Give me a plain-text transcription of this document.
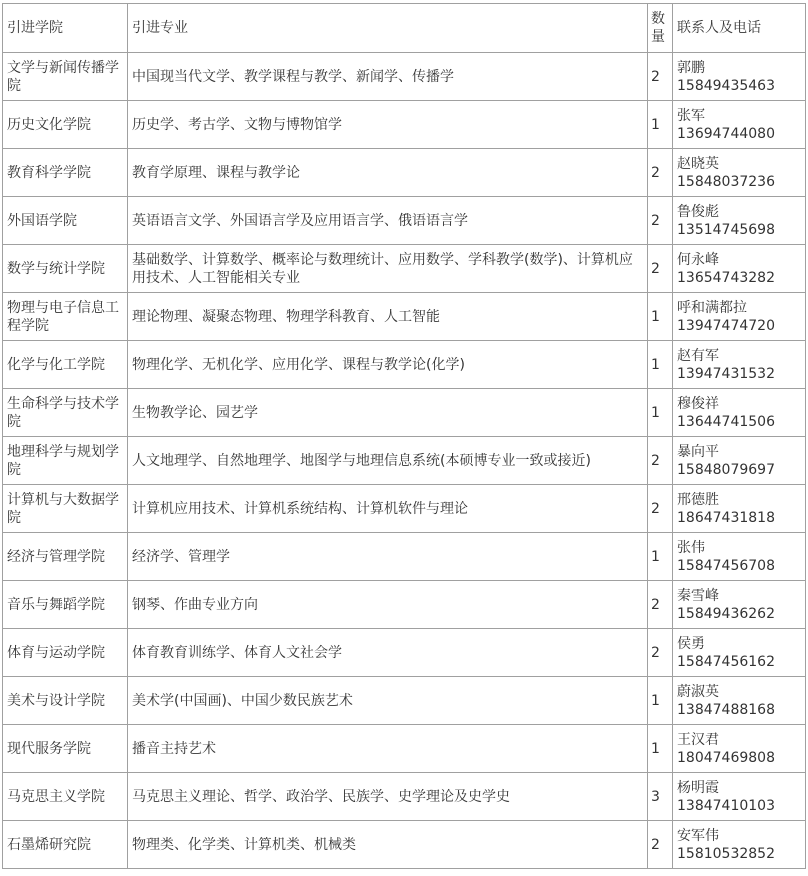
引进学院	引进专业	数量	联系人及电话
文学与新闻传播学院	中国现当代文学、教学课程与教学、新闻学、传播学	2	郭鹏
15849435463

历史文化学院	历史学、考古学、文物与博物馆学	1	张军
13694744080

教育科学学院	教育学原理、课程与教学论	2	赵晓英
15848037236

外国语学院	英语语言文学、外国语言学及应用语言学、俄语语言学	2	鲁俊彪
13514745698

数学与统计学院	基础数学、计算数学、概率论与数理统计、应用数学、学科教学(数学)、计算机应用技术、人工智能相关专业	2	何永峰
13654743282

物理与电子信息工程学院	理论物理、凝聚态物理、物理学科教育、人工智能	1	呼和满都拉
13947474720

化学与化工学院	物理化学、无机化学、应用化学、课程与教学论(化学)	1	赵有军
13947431532

生命科学与技术学院	生物教学论、园艺学	1	穆俊祥
13644741506

地理科学与规划学院	人文地理学、自然地理学、地图学与地理信息系统(本硕博专业一致或接近)	2	暴向平
15848079697

计算机与大数据学院	计算机应用技术、计算机系统结构、计算机软件与理论	2	邢德胜
18647431818

经济与管理学院	经济学、管理学	1	张伟
15847456708

音乐与舞蹈学院	钢琴、作曲专业方向	2	秦雪峰
15849436262

体育与运动学院	体育教育训练学、体育人文社会学	2	侯勇
15847456162

美术与设计学院	美术学(中国画)、中国少数民族艺术	1	蔚淑英
13847488168

现代服务学院	播音主持艺术	1	王汉君
18047469808

马克思主义学院	马克思主义理论、哲学、政治学、民族学、史学理论及史学史	3	杨明霞
13847410103

石墨烯研究院	物理类、化学类、计算机类、机械类	2	安军伟
15810532852
